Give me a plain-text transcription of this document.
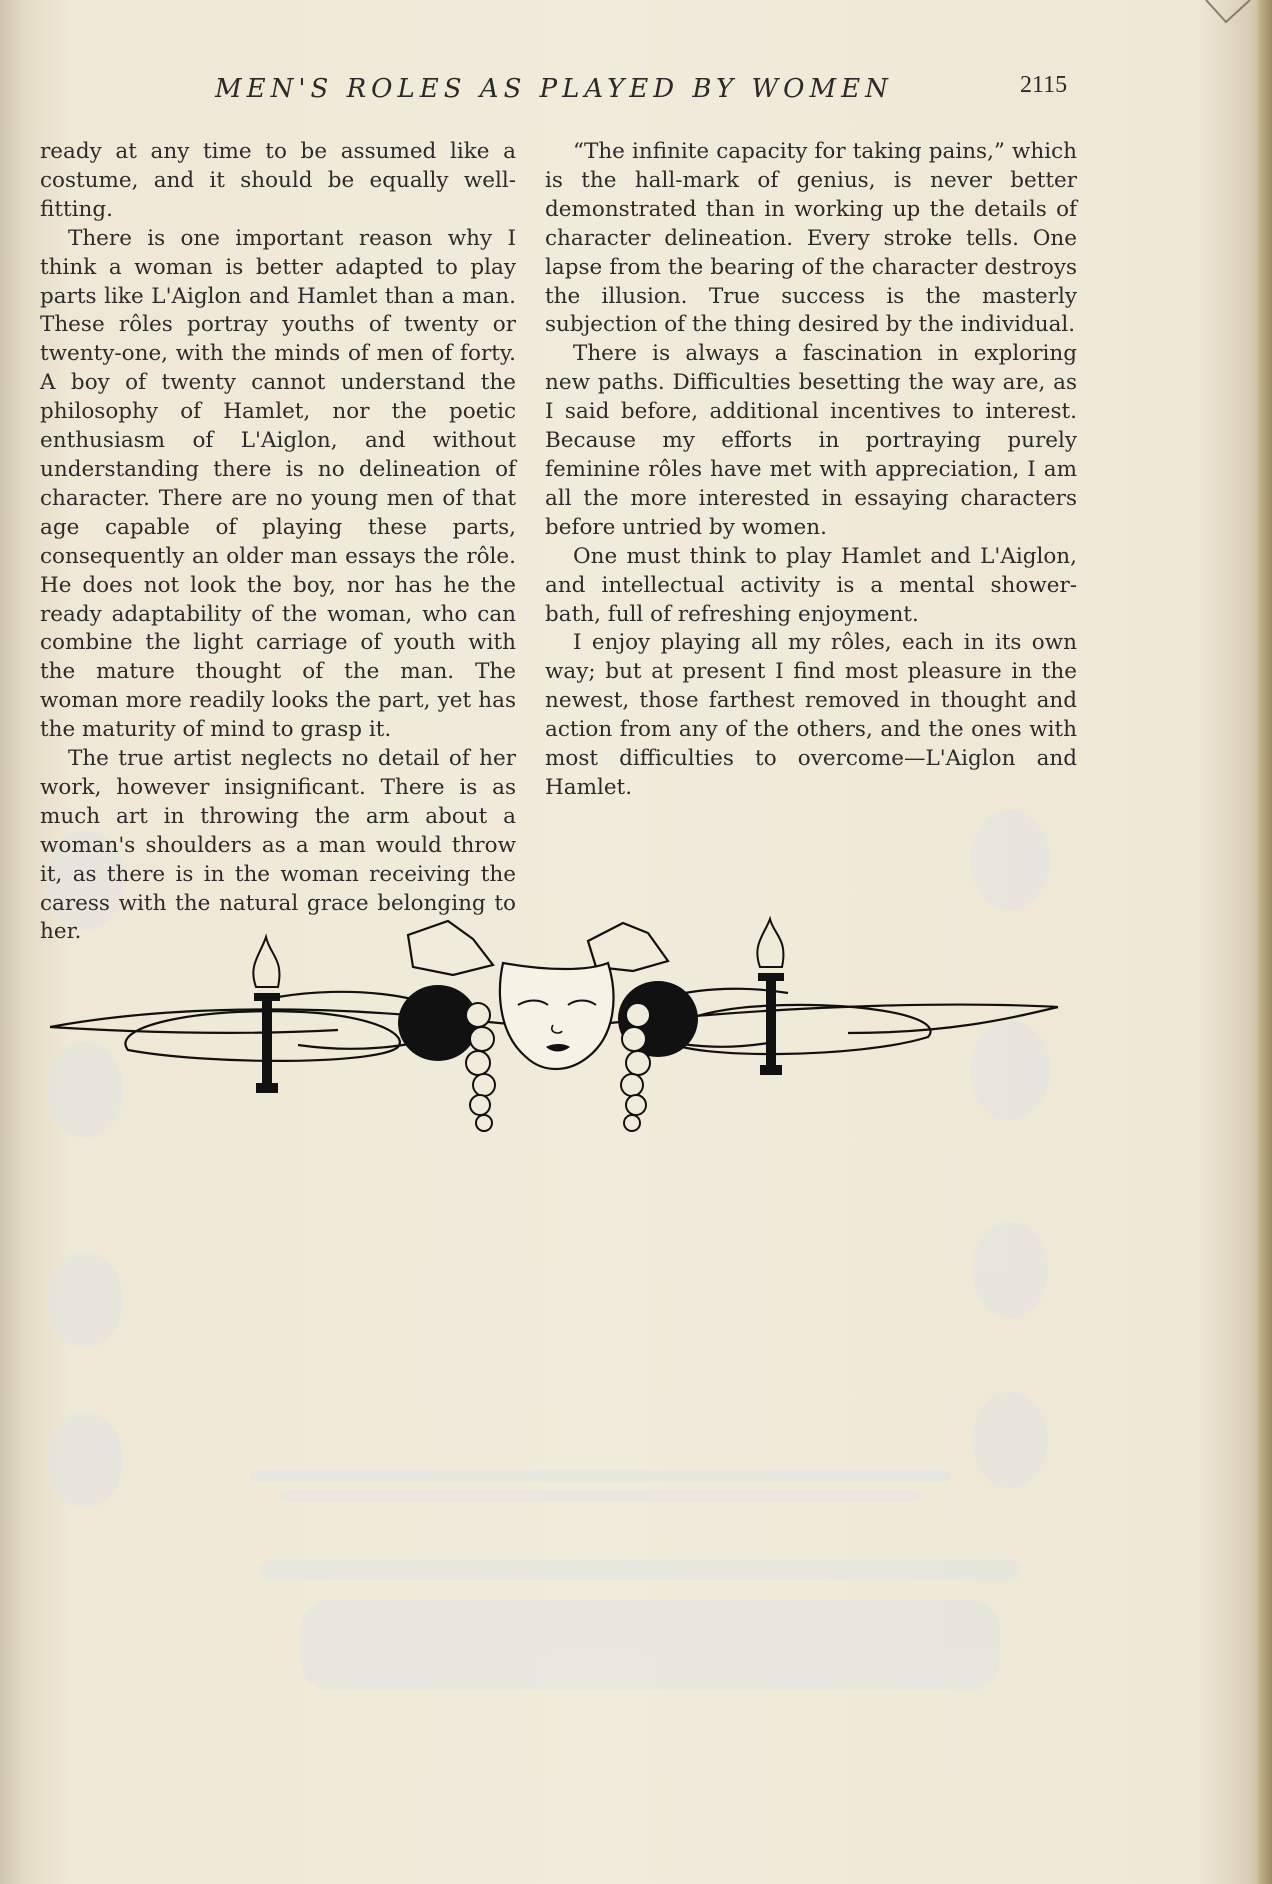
MEN'S ROLES AS PLAYED BY WOMEN	2115

ready at any time to be assumed like a costume, and it should be equally well-fitting.

There is one important reason why I think a woman is better adapted to play parts like L'Aiglon and Hamlet than a man. These rôles portray youths of twenty or twenty-one, with the minds of men of forty. A boy of twenty cannot understand the philosophy of Hamlet, nor the poetic enthusiasm of L'Aiglon, and without understanding there is no delineation of character. There are no young men of that age capable of playing these parts, consequently an older man essays the rôle. He does not look the boy, nor has he the ready adaptability of the woman, who can combine the light carriage of youth with the mature thought of the man. The woman more readily looks the part, yet has the maturity of mind to grasp it.

The true artist neglects no detail of her work, however insignificant. There is as much art in throwing the arm about a woman's shoulders as a man would throw it, as there is in the woman receiving the caress with the natural grace belonging to her.

“The infinite capacity for taking pains,” which is the hall-mark of genius, is never better demonstrated than in working up the details of character delineation. Every stroke tells. One lapse from the bearing of the character destroys the illusion. True success is the masterly subjection of the thing desired by the individual.

There is always a fascination in exploring new paths. Difficulties besetting the way are, as I said before, additional incentives to interest. Because my efforts in portraying purely feminine rôles have met with appreciation, I am all the more interested in essaying characters before untried by women.

One must think to play Hamlet and L'Aiglon, and intellectual activity is a mental shower-bath, full of refreshing enjoyment.

I enjoy playing all my rôles, each in its own way; but at present I find most pleasure in the newest, those farthest removed in thought and action from any of the others, and the ones with most difficulties to overcome—L'Aiglon and Hamlet.
